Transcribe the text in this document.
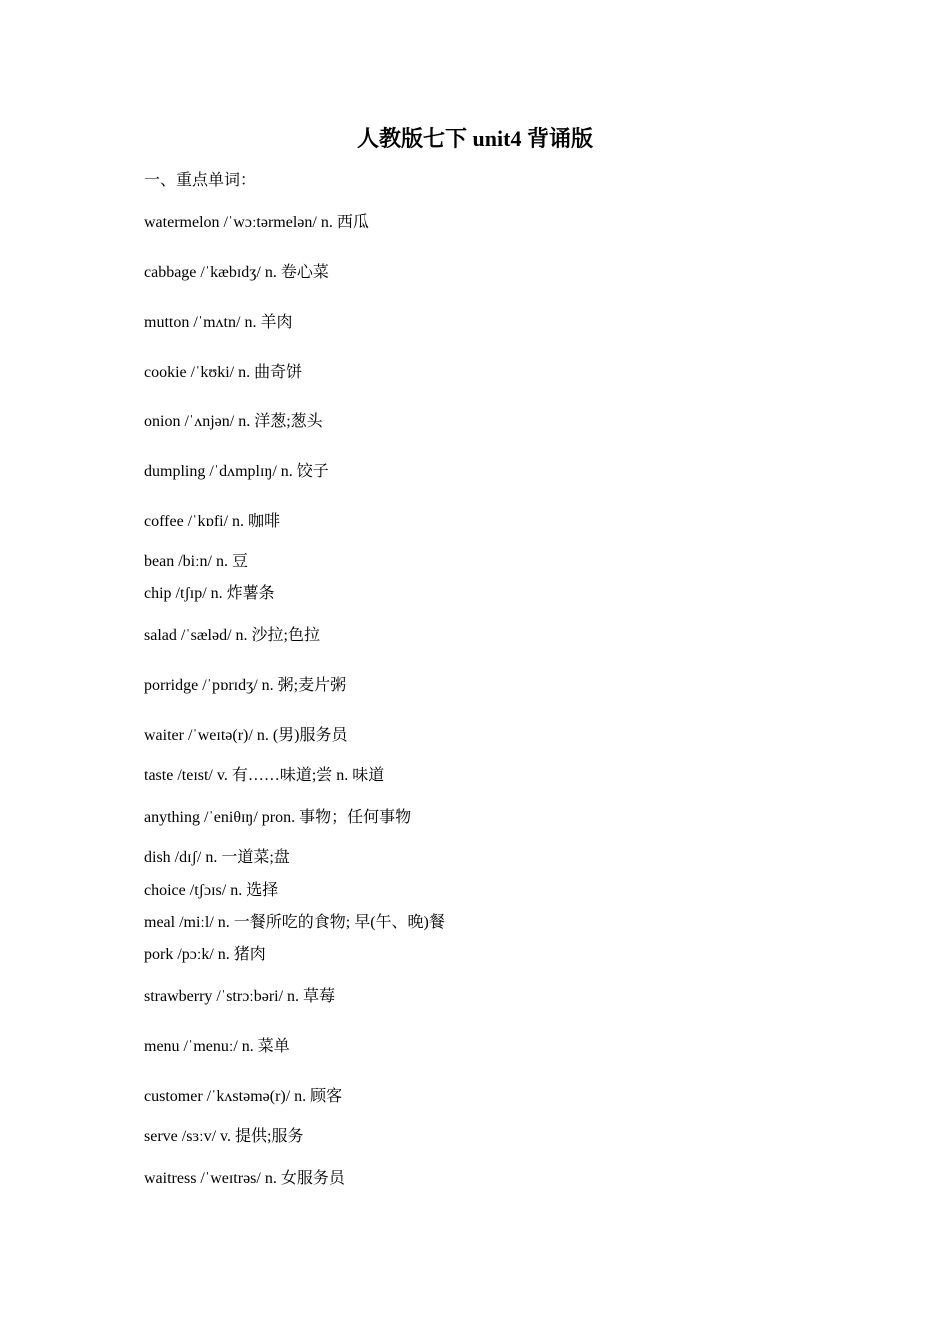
人教版七下 unit4 背诵版
一、重点单词：
watermelon /ˈwɔːtərmelən/ n. 西瓜
cabbage /ˈkæbɪdʒ/ n. 卷心菜
mutton /ˈmʌtn/ n. 羊肉
cookie /ˈkʊki/ n. 曲奇饼
onion /ˈʌnjən/ n. 洋葱;葱头
dumpling /ˈdʌmplɪŋ/ n. 饺子
coffee /ˈkɒfi/ n. 咖啡
bean /biːn/ n. 豆
chip /tʃɪp/ n. 炸薯条
salad /ˈsæləd/ n. 沙拉;色拉
porridge /ˈpɒrɪdʒ/ n. 粥;麦片粥
waiter /ˈweɪtə(r)/ n. (男)服务员
taste /teɪst/ v. 有……味道;尝 n. 味道
anything /ˈeniθɪŋ/ pron. 事物；任何事物
dish /dɪʃ/ n. 一道菜;盘
choice /tʃɔɪs/ n. 选择
meal /miːl/ n. 一餐所吃的食物; 早(午、晚)餐
pork /pɔːk/ n. 猪肉
strawberry /ˈstrɔːbəri/ n. 草莓
menu /ˈmenuː/ n. 菜单
customer /ˈkʌstəmə(r)/ n. 顾客
serve /sɜːv/ v. 提供;服务
waitress /ˈweɪtrəs/ n. 女服务员
